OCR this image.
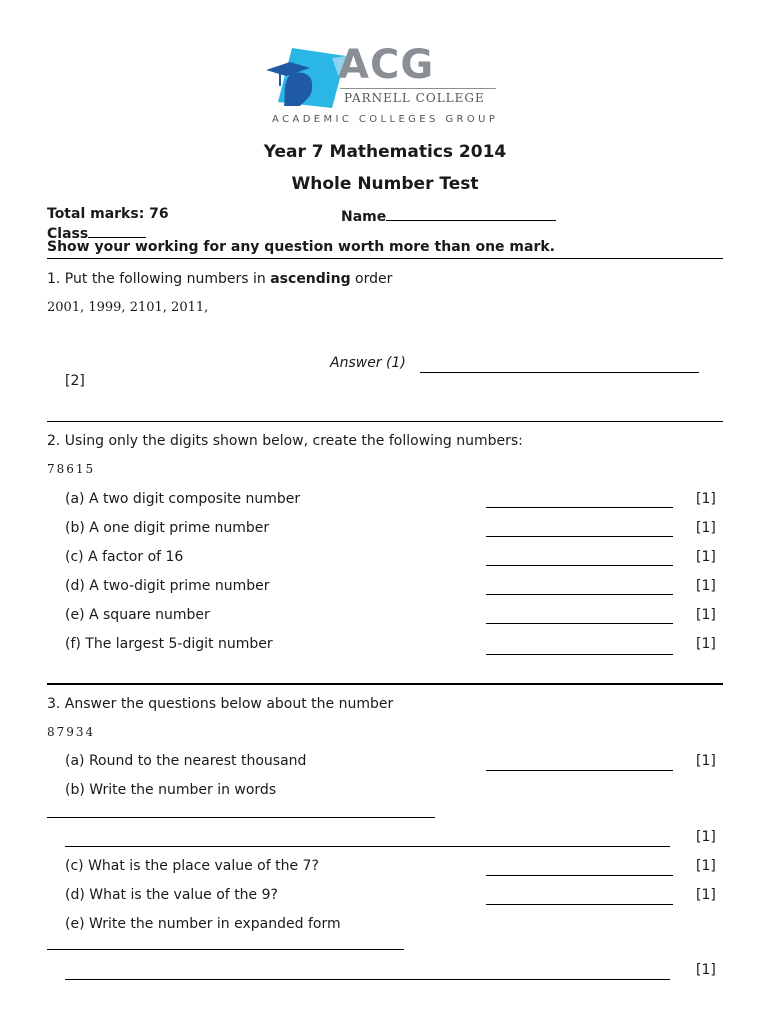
ACG
PARNELL COLLEGE
ACADEMIC COLLEGES GROUP
Year 7 Mathematics 2014
Whole Number Test
Total marks: 76	Name
Class
Show your working for any question worth more than one mark.
1. Put the following numbers in ascending order
2001, 1999, 2101, 2011,
Answer (1)
[2]
2. Using only the digits shown below, create the following numbers:
78615
(a) A two digit composite number	[1]
(b) A one digit prime number	[1]
(c) A factor of 16	[1]
(d) A two-digit prime number	[1]
(e) A square number	[1]
(f) The largest 5-digit number	[1]
3. Answer the questions below about the number
87934
(a) Round to the nearest thousand	[1]
(b) Write the number in words
[1]
(c) What is the place value of the 7?	[1]
(d) What is the value of the 9?	[1]
(e) Write the number in expanded form
[1]
